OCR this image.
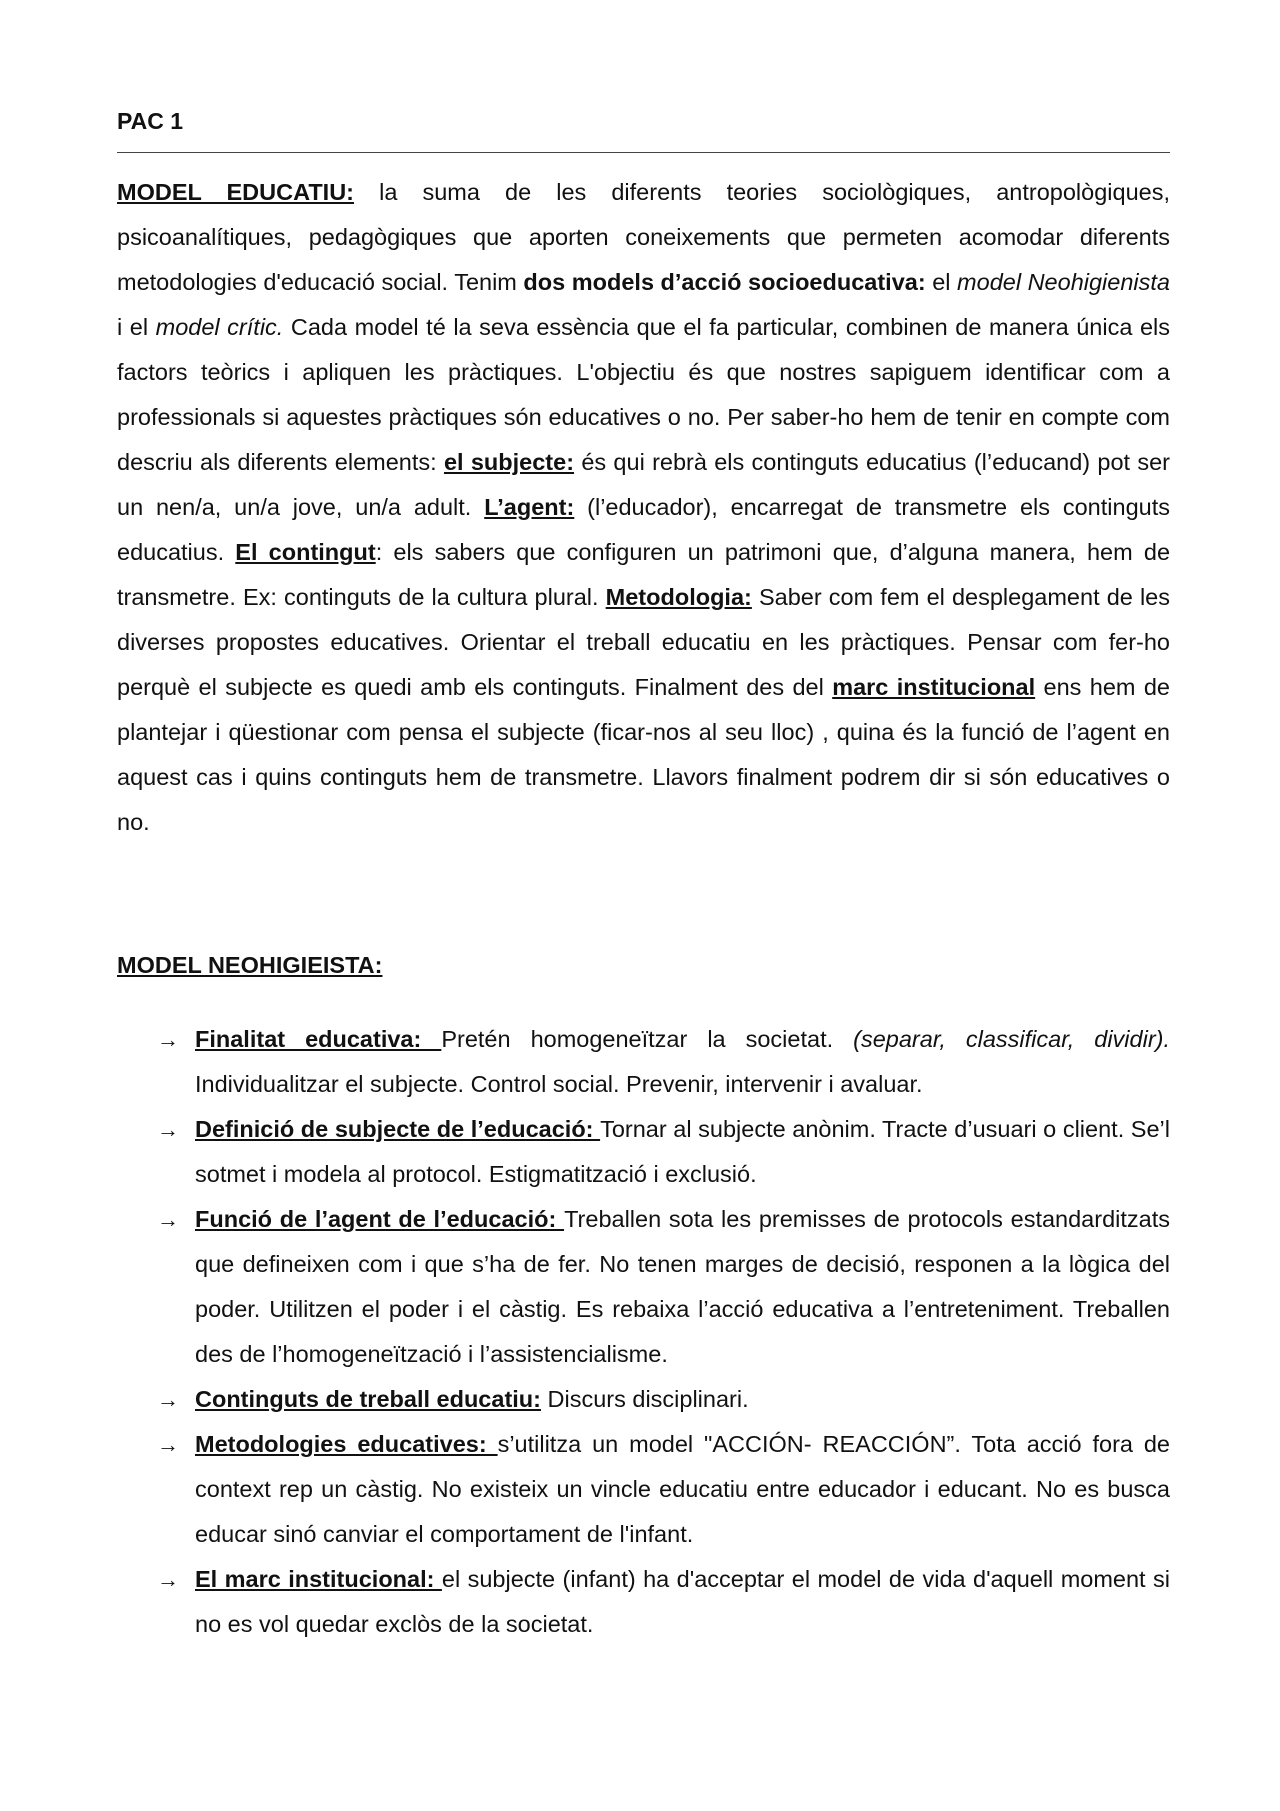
PAC 1

MODEL EDUCATIU: la suma de les diferents teories sociològiques, antropològiques, psicoanalítiques, pedagògiques que aporten coneixements que permeten acomodar diferents metodologies d'educació social. Tenim dos models d’acció socioeducativa: el model Neohigienista i el model crític. Cada model té la seva essència que el fa particular, combinen de manera única els factors teòrics i apliquen les pràctiques. L'objectiu és que nostres sapiguem identificar com a professionals si aquestes pràctiques són educatives o no. Per saber-ho hem de tenir en compte com descriu als diferents elements: el subjecte: és qui rebrà els continguts educatius (l’educand) pot ser un nen/a, un/a jove, un/a adult. L’agent: (l’educador), encarregat de transmetre els continguts educatius. El contingut: els sabers que configuren un patrimoni que, d’alguna manera, hem de transmetre. Ex: continguts de la cultura plural. Metodologia: Saber com fem el desplegament de les diverses propostes educatives. Orientar el treball educatiu en les pràctiques. Pensar com fer-ho perquè el subjecte es quedi amb els continguts. Finalment des del marc institucional ens hem de plantejar i qüestionar com pensa el subjecte (ficar-nos al seu lloc) , quina és la funció de l’agent en aquest cas i quins continguts hem de transmetre. Llavors finalment podrem dir si són educatives o no.

MODEL NEOHIGIEISTA:
→ Finalitat educativa: Pretén homogeneïtzar la societat. (separar, classificar, dividir). Individualitzar el subjecte. Control social. Prevenir, intervenir i avaluar.
→ Definició de subjecte de l’educació: Tornar al subjecte anònim. Tracte d’usuari o client. Se’l sotmet i modela al protocol. Estigmatització i exclusió.
→ Funció de l’agent de l’educació: Treballen sota les premisses de protocols estandarditzats que defineixen com i que s’ha de fer. No tenen marges de decisió, responen a la lògica del poder. Utilitzen el poder i el càstig. Es rebaixa l’acció educativa a l’entreteniment. Treballen des de l’homogeneïtzació i l’assistencialisme.
→ Continguts de treball educatiu: Discurs disciplinari.
→ Metodologies educatives: s’utilitza un model "ACCIÓN- REACCIÓN”. Tota acció fora de context rep un càstig. No existeix un vincle educatiu entre educador i educant. No es busca educar sinó canviar el comportament de l'infant.
→ El marc institucional: el subjecte (infant) ha d'acceptar el model de vida d'aquell moment si no es vol quedar exclòs de la societat.
